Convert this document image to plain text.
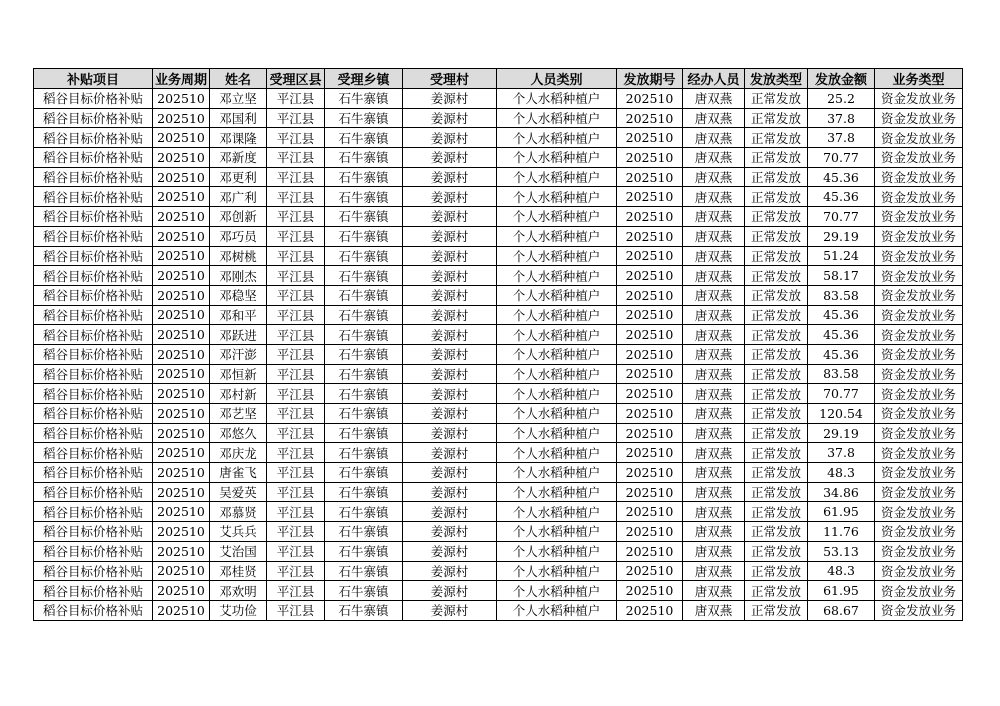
补贴项目	业务周期	姓名	受理区县	受理乡镇	受理村	人员类别	发放期号	经办人员	发放类型	发放金额	业务类型
稻谷目标价格补贴	202510	邓立坚	平江县	石牛寨镇	姜源村	个人水稻种植户	202510	唐双燕	正常发放	25.2	资金发放业务
稻谷目标价格补贴	202510	邓国利	平江县	石牛寨镇	姜源村	个人水稻种植户	202510	唐双燕	正常发放	37.8	资金发放业务
稻谷目标价格补贴	202510	邓课隆	平江县	石牛寨镇	姜源村	个人水稻种植户	202510	唐双燕	正常发放	37.8	资金发放业务
稻谷目标价格补贴	202510	邓新度	平江县	石牛寨镇	姜源村	个人水稻种植户	202510	唐双燕	正常发放	70.77	资金发放业务
稻谷目标价格补贴	202510	邓更利	平江县	石牛寨镇	姜源村	个人水稻种植户	202510	唐双燕	正常发放	45.36	资金发放业务
稻谷目标价格补贴	202510	邓广利	平江县	石牛寨镇	姜源村	个人水稻种植户	202510	唐双燕	正常发放	45.36	资金发放业务
稻谷目标价格补贴	202510	邓创新	平江县	石牛寨镇	姜源村	个人水稻种植户	202510	唐双燕	正常发放	70.77	资金发放业务
稻谷目标价格补贴	202510	邓巧员	平江县	石牛寨镇	姜源村	个人水稻种植户	202510	唐双燕	正常发放	29.19	资金发放业务
稻谷目标价格补贴	202510	邓树桃	平江县	石牛寨镇	姜源村	个人水稻种植户	202510	唐双燕	正常发放	51.24	资金发放业务
稻谷目标价格补贴	202510	邓刚杰	平江县	石牛寨镇	姜源村	个人水稻种植户	202510	唐双燕	正常发放	58.17	资金发放业务
稻谷目标价格补贴	202510	邓稳坚	平江县	石牛寨镇	姜源村	个人水稻种植户	202510	唐双燕	正常发放	83.58	资金发放业务
稻谷目标价格补贴	202510	邓和平	平江县	石牛寨镇	姜源村	个人水稻种植户	202510	唐双燕	正常发放	45.36	资金发放业务
稻谷目标价格补贴	202510	邓跃进	平江县	石牛寨镇	姜源村	个人水稻种植户	202510	唐双燕	正常发放	45.36	资金发放业务
稻谷目标价格补贴	202510	邓汗澎	平江县	石牛寨镇	姜源村	个人水稻种植户	202510	唐双燕	正常发放	45.36	资金发放业务
稻谷目标价格补贴	202510	邓恒新	平江县	石牛寨镇	姜源村	个人水稻种植户	202510	唐双燕	正常发放	83.58	资金发放业务
稻谷目标价格补贴	202510	邓村新	平江县	石牛寨镇	姜源村	个人水稻种植户	202510	唐双燕	正常发放	70.77	资金发放业务
稻谷目标价格补贴	202510	邓艺坚	平江县	石牛寨镇	姜源村	个人水稻种植户	202510	唐双燕	正常发放	120.54	资金发放业务
稻谷目标价格补贴	202510	邓悠久	平江县	石牛寨镇	姜源村	个人水稻种植户	202510	唐双燕	正常发放	29.19	资金发放业务
稻谷目标价格补贴	202510	邓庆龙	平江县	石牛寨镇	姜源村	个人水稻种植户	202510	唐双燕	正常发放	37.8	资金发放业务
稻谷目标价格补贴	202510	唐雀飞	平江县	石牛寨镇	姜源村	个人水稻种植户	202510	唐双燕	正常发放	48.3	资金发放业务
稻谷目标价格补贴	202510	吴爱英	平江县	石牛寨镇	姜源村	个人水稻种植户	202510	唐双燕	正常发放	34.86	资金发放业务
稻谷目标价格补贴	202510	邓慕贤	平江县	石牛寨镇	姜源村	个人水稻种植户	202510	唐双燕	正常发放	61.95	资金发放业务
稻谷目标价格补贴	202510	艾兵兵	平江县	石牛寨镇	姜源村	个人水稻种植户	202510	唐双燕	正常发放	11.76	资金发放业务
稻谷目标价格补贴	202510	艾治国	平江县	石牛寨镇	姜源村	个人水稻种植户	202510	唐双燕	正常发放	53.13	资金发放业务
稻谷目标价格补贴	202510	邓桂贤	平江县	石牛寨镇	姜源村	个人水稻种植户	202510	唐双燕	正常发放	48.3	资金发放业务
稻谷目标价格补贴	202510	邓欢明	平江县	石牛寨镇	姜源村	个人水稻种植户	202510	唐双燕	正常发放	61.95	资金发放业务
稻谷目标价格补贴	202510	艾功俭	平江县	石牛寨镇	姜源村	个人水稻种植户	202510	唐双燕	正常发放	68.67	资金发放业务
